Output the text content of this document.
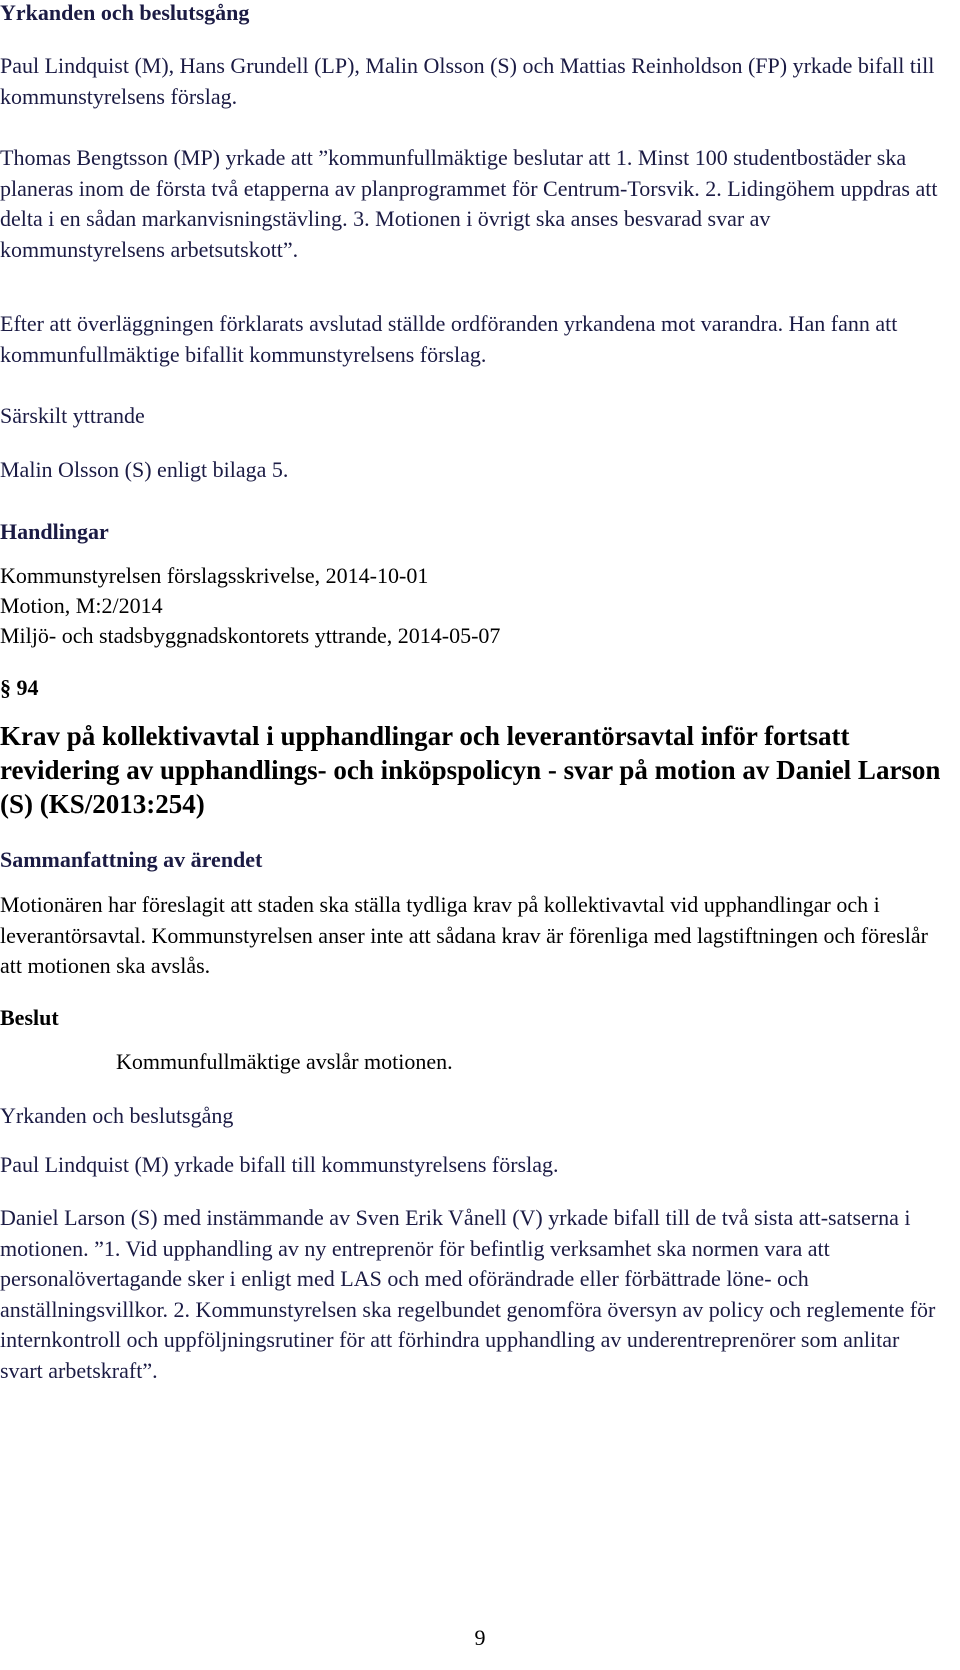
Yrkanden och beslutsgång

Paul Lindquist (M), Hans Grundell (LP), Malin Olsson (S) och Mattias Reinholdson (FP) yrkade bifall till kommunstyrelsens förslag.

Thomas Bengtsson (MP) yrkade att ”kommunfullmäktige beslutar att 1. Minst 100 studentbostäder ska planeras inom de första två etapperna av planprogrammet för Centrum-Torsvik. 2. Lidingöhem uppdras att delta i en sådan markanvisningstävling. 3. Motionen i övrigt ska anses besvarad svar av kommunstyrelsens arbetsutskott”.

Efter att överläggningen förklarats avslutad ställde ordföranden yrkandena mot varandra. Han fann att kommunfullmäktige bifallit kommunstyrelsens förslag.

Särskilt yttrande

Malin Olsson (S) enligt bilaga 5.

Handlingar

Kommunstyrelsen förslagsskrivelse, 2014-10-01
Motion, M:2/2014
Miljö- och stadsbyggnadskontorets yttrande, 2014-05-07
§ 94

Krav på kollektivavtal i upphandlingar och leverantörsavtal inför fortsatt revidering av upphandlings- och inköpspolicyn - svar på motion av Daniel Larson (S) (KS/2013:254)

Sammanfattning av ärendet

Motionären har föreslagit att staden ska ställa tydliga krav på kollektivavtal vid upphandlingar och i leverantörsavtal. Kommunstyrelsen anser inte att sådana krav är förenliga med lagstiftningen och föreslår att motionen ska avslås.

Beslut
Kommunfullmäktige avslår motionen.

Yrkanden och beslutsgång

Paul Lindquist (M) yrkade bifall till kommunstyrelsens förslag.

Daniel Larson (S) med instämmande av Sven Erik Vånell (V) yrkade bifall till de två sista att-satserna i motionen. ”1. Vid upphandling av ny entreprenör för befintlig verksamhet ska normen vara att personalövertagande sker i enligt med LAS och med oförändrade eller förbättrade löne- och anställningsvillkor. 2. Kommunstyrelsen ska regelbundet genomföra översyn av policy och reglemente för internkontroll och uppföljningsrutiner för att förhindra upphandling av underentreprenörer som anlitar svart arbetskraft”.

9
